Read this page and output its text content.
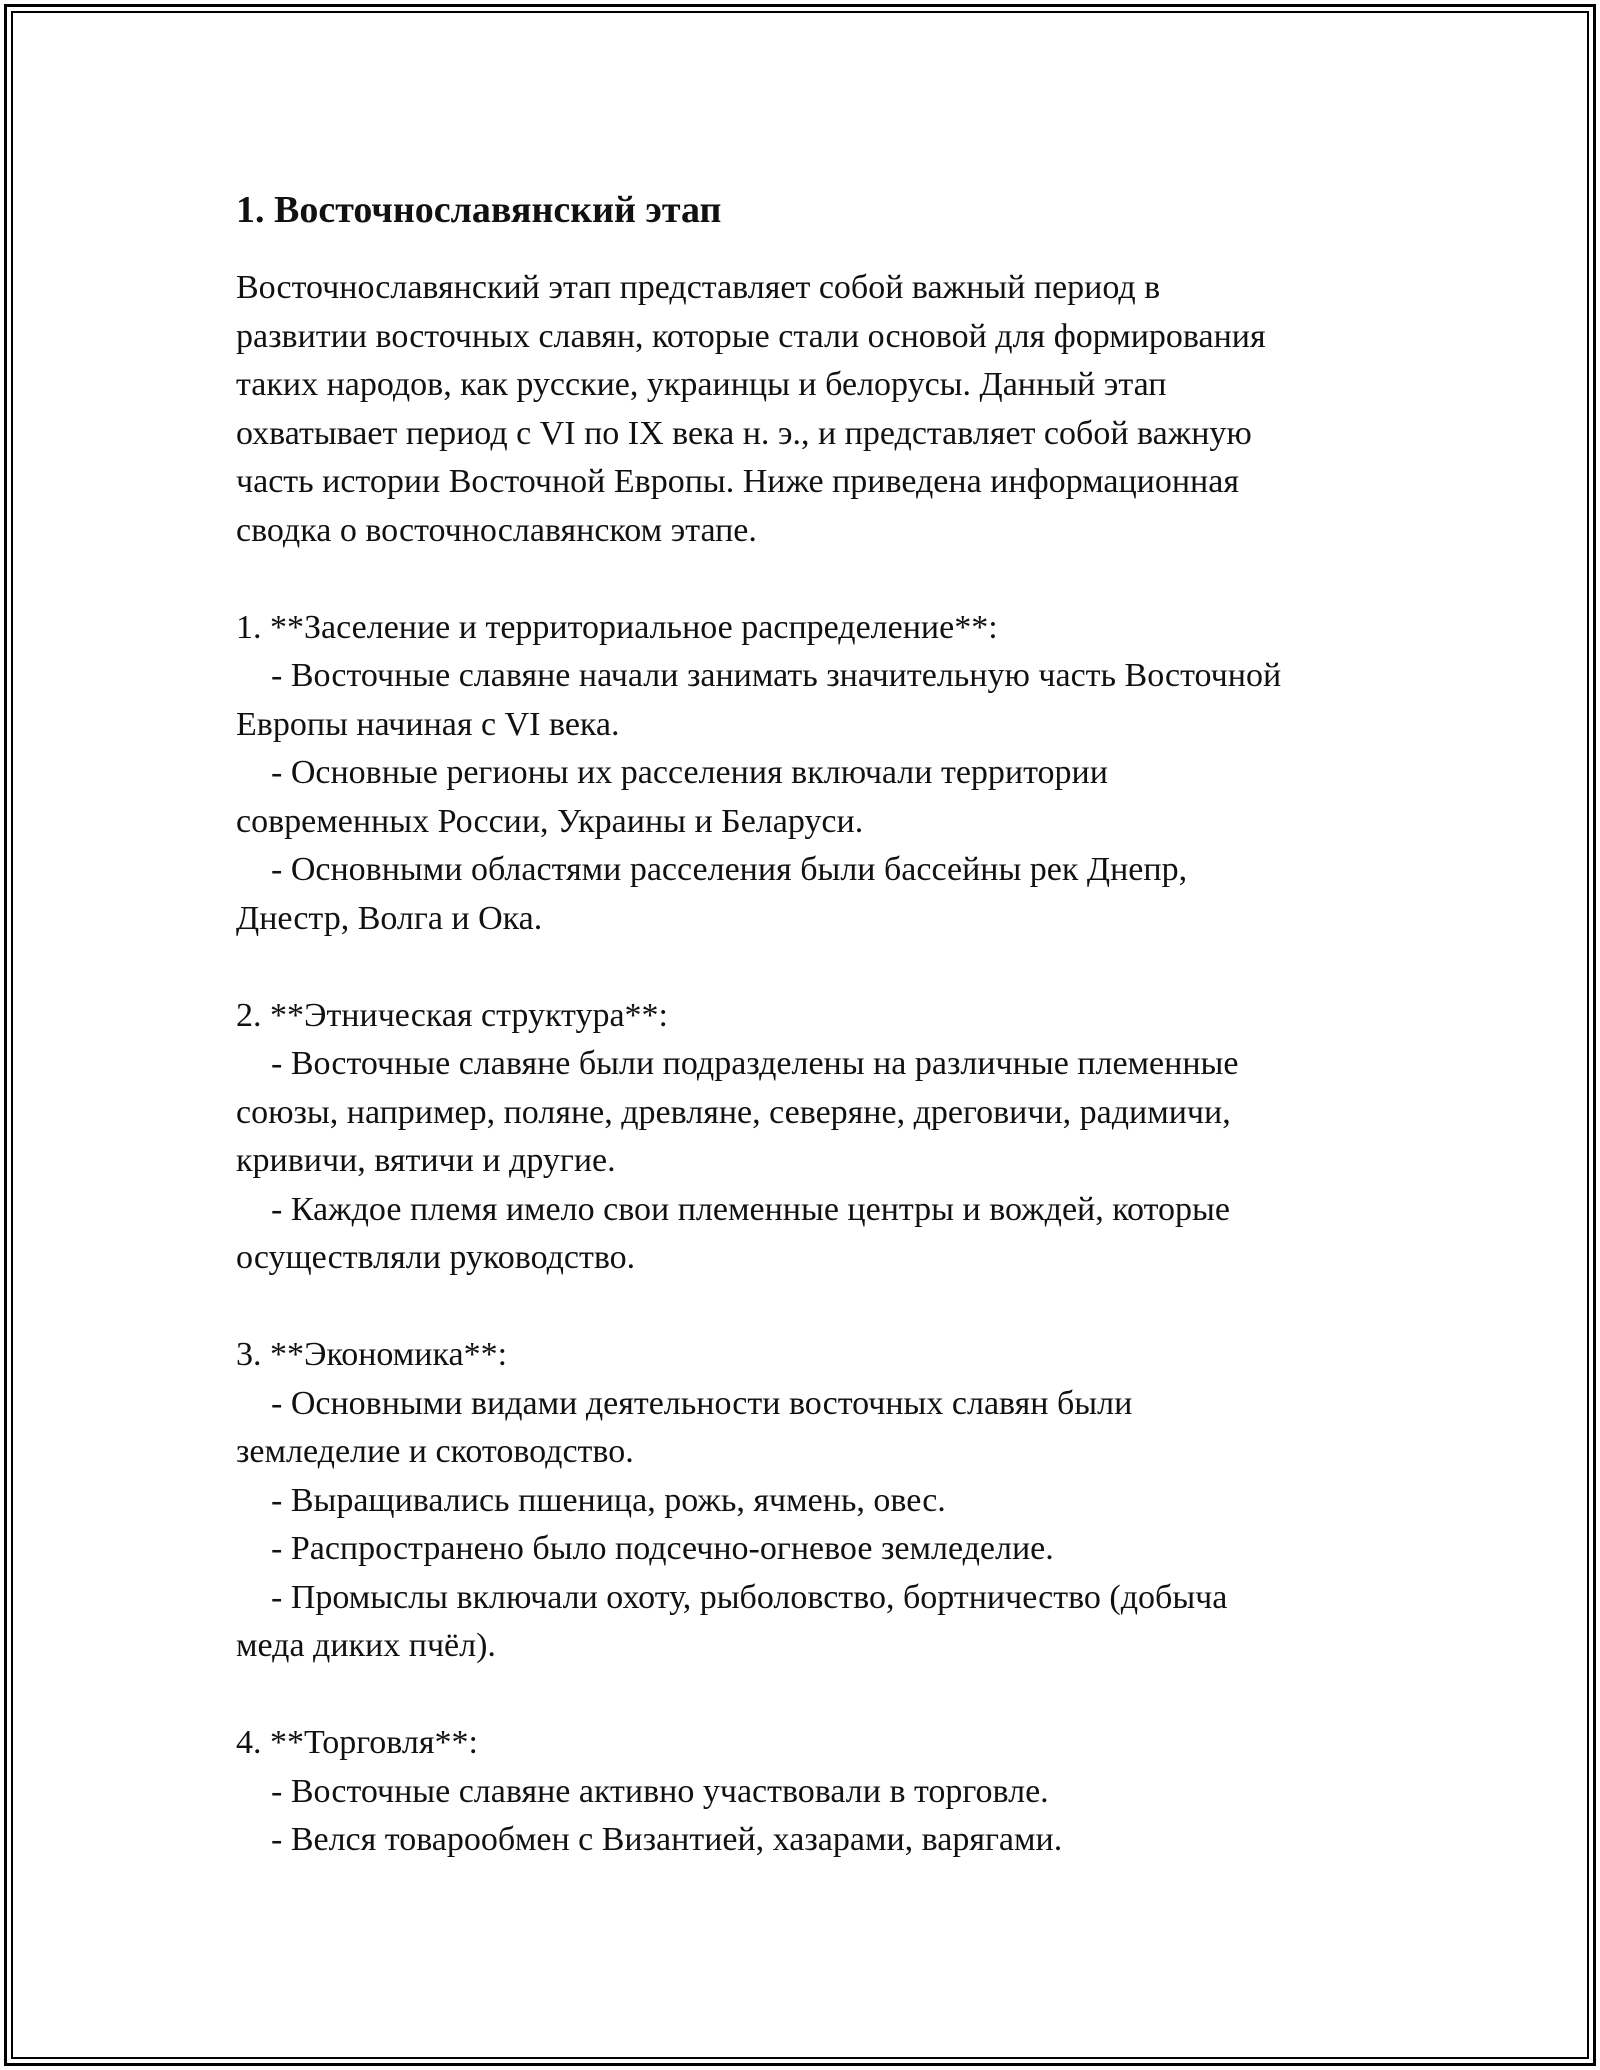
1. Восточнославянский этап

Восточнославянский этап представляет собой важный период в

развитии восточных славян, которые стали основой для формирования

таких народов, как русские, украинцы и белорусы. Данный этап

охватывает период с VI по IX века н. э., и представляет собой важную

часть истории Восточной Европы. Ниже приведена информационная

сводка о восточнославянском этапе.

1. **Заселение и территориальное распределение**:

- Восточные славяне начали занимать значительную часть Восточной

Европы начиная с VI века.

- Основные регионы их расселения включали территории

современных России, Украины и Беларуси.

- Основными областями расселения были бассейны рек Днепр,

Днестр, Волга и Ока.

2. **Этническая структура**:

- Восточные славяне были подразделены на различные племенные

союзы, например, поляне, древляне, северяне, дреговичи, радимичи,

кривичи, вятичи и другие.

- Каждое племя имело свои племенные центры и вождей, которые

осуществляли руководство.

3. **Экономика**:

- Основными видами деятельности восточных славян были

земледелие и скотоводство.

- Выращивались пшеница, рожь, ячмень, овес.

- Распространено было подсечно-огневое земледелие.

- Промыслы включали охоту, рыболовство, бортничество (добыча

меда диких пчёл).

4. **Торговля**:

- Восточные славяне активно участвовали в торговле.

- Велся товарообмен с Византией, хазарами, варягами.
